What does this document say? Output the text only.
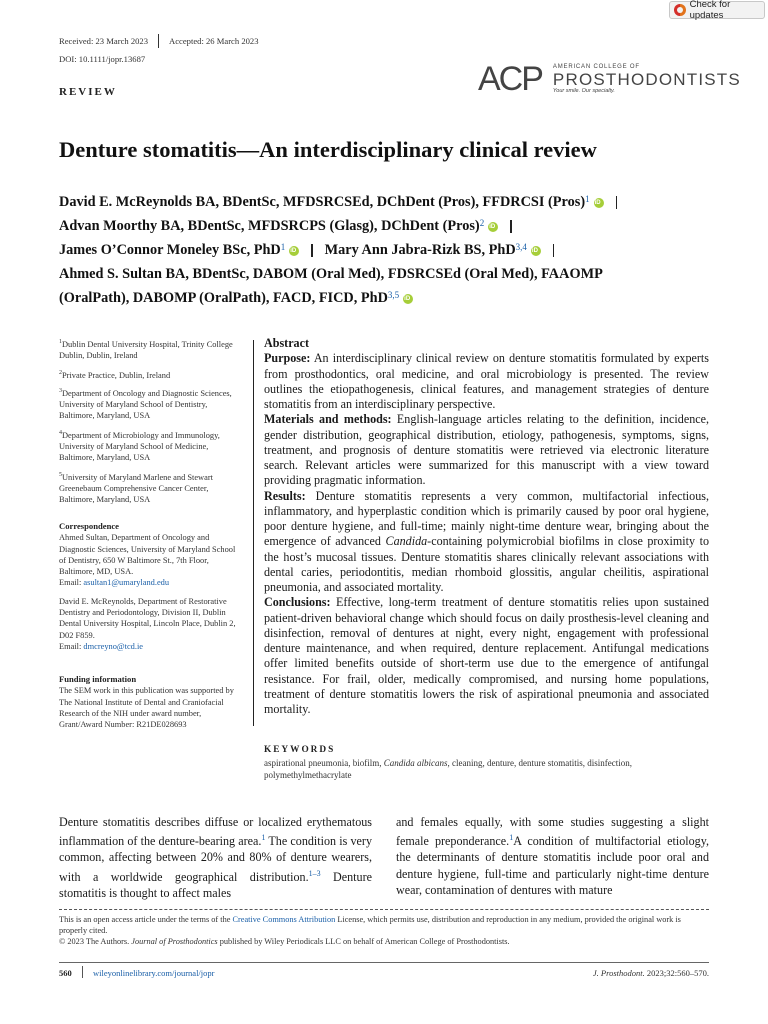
Check for updates
Received: 23 March 2023 Accepted: 26 March 2023
DOI: 10.1111/jopr.13687
REVIEW	ACP AMERICAN COLLEGE OF
PROSTHODONTISTS
Your smile. Our specialty.
Denture stomatitis—An interdisciplinary clinical review
David E. McReynolds BA, BDentSc, MFDSRCSEd, DChDent (Pros), FFDRCSI (Pros)$^1$
iD
Advan Moorthy BA, BDentSc, MFDSRCPS (Glasg), DChDent (Pros)$^2$
iD
James O’Connor Moneley BSc, PhD$^1$
iD	Mary Ann Jabra-Rizk BS, PhD$^{3,4}$
iD
Ahmed S. Sultan BA, BDentSc, DABOM (Oral Med), FDSRCSEd (Oral Med), FAAOMP
(OralPath), DABOMP (OralPath), FACD, FICD, PhD$^{3,5}$
iD
$^1$Dublin Dental University Hospital, Trinity College Dublin, Dublin, Ireland
$^2$Private Practice, Dublin, Ireland
$^3$Department of Oncology and Diagnostic Sciences, University of Maryland School of Dentistry, Baltimore, Maryland, USA
$^4$Department of Microbiology and Immunology, University of Maryland School of Medicine, Baltimore, Maryland, USA
$^5$University of Maryland Marlene and Stewart Greenebaum Comprehensive Cancer Center, Baltimore, Maryland, USA
Correspondence
Ahmed Sultan, Department of Oncology and Diagnostic Sciences, University of Maryland School of Dentistry, 650 W Baltimore St., 7th Floor, Baltimore, MD, USA.
Email: asultan1@umaryland.edu
David E. McReynolds, Department of Restorative Dentistry and Periodontology, Division II, Dublin Dental University Hospital, Lincoln Place, Dublin 2, D02 F859.
Email: dmcreyno@tcd.ie
Funding information
The SEM work in this publication was supported by The National Institute of Dental and Craniofacial Research of the NIH under award number, Grant/Award Number: R21DE028693

Abstract

Purpose: An interdisciplinary clinical review on denture stomatitis formulated by experts from prosthodontics, oral medicine, and oral microbiology is presented. The review outlines the etiopathogenesis, clinical features, and management strategies of denture stomatitis from an interdisciplinary perspective.

Materials and methods: English-language articles relating to the definition, incidence, gender distribution, geographical distribution, etiology, pathogenesis, symptoms, signs, treatment, and prognosis of denture stomatitis were retrieved via electronic literature search. Relevant articles were summarized for this manuscript with a view toward providing pragmatic information.

Results: Denture stomatitis represents a very common, multifactorial infectious, inflammatory, and hyperplastic condition which is primarily caused by poor oral hygiene, poor denture hygiene, and full-time; mainly night-time denture wear, bringing about the emergence of advanced Candida-containing polymicrobial biofilms in close proximity to the host’s mucosal tissues. Denture stomatitis shares clinically relevant associations with dental caries, periodontitis, median rhomboid glossitis, angular cheilitis, aspirational pneumonia, and associated mortality.

Conclusions: Effective, long-term treatment of denture stomatitis relies upon sustained patient-driven behavioral change which should focus on daily prosthesis-level cleaning and disinfection, removal of dentures at night, every night, engagement with professional denture maintenance, and when required, denture replacement. Antifungal medications offer limited benefits outside of short-term use due to the emergence of antifungal resistance. For frail, older, medically compromised, and nursing home populations, treatment of denture stomatitis lowers the risk of aspirational pneumonia and associated mortality.

KEYWORDS
aspirational pneumonia, biofilm, Candida albicans, cleaning, denture, denture stomatitis, disinfection, polymethylmethacrylate
Denture stomatitis describes diffuse or localized erythematous inflammation of the denture-bearing area.$^1$ The condition is very common, affecting between 20% and 80% of denture wearers, with a worldwide geographical distribution.$^{1-3}$ Denture stomatitis is thought to affect males
and females equally, with some studies suggesting a slight female preponderance.$^1$A condition of multifactorial etiology, the determinants of denture stomatitis include poor oral and denture hygiene, full-time and particularly night-time denture wear, contamination of dentures with mature
This is an open access article under the terms of the Creative Commons Attribution License, which permits use, distribution and reproduction in any medium, provided the original work is properly cited.
© 2023 The Authors. Journal of Prosthodontics published by Wiley Periodicals LLC on behalf of American College of Prosthodontists.
560	wileyonlinelibrary.com/journal/jopr	J. Prosthodont. 2023;32:560–570.
